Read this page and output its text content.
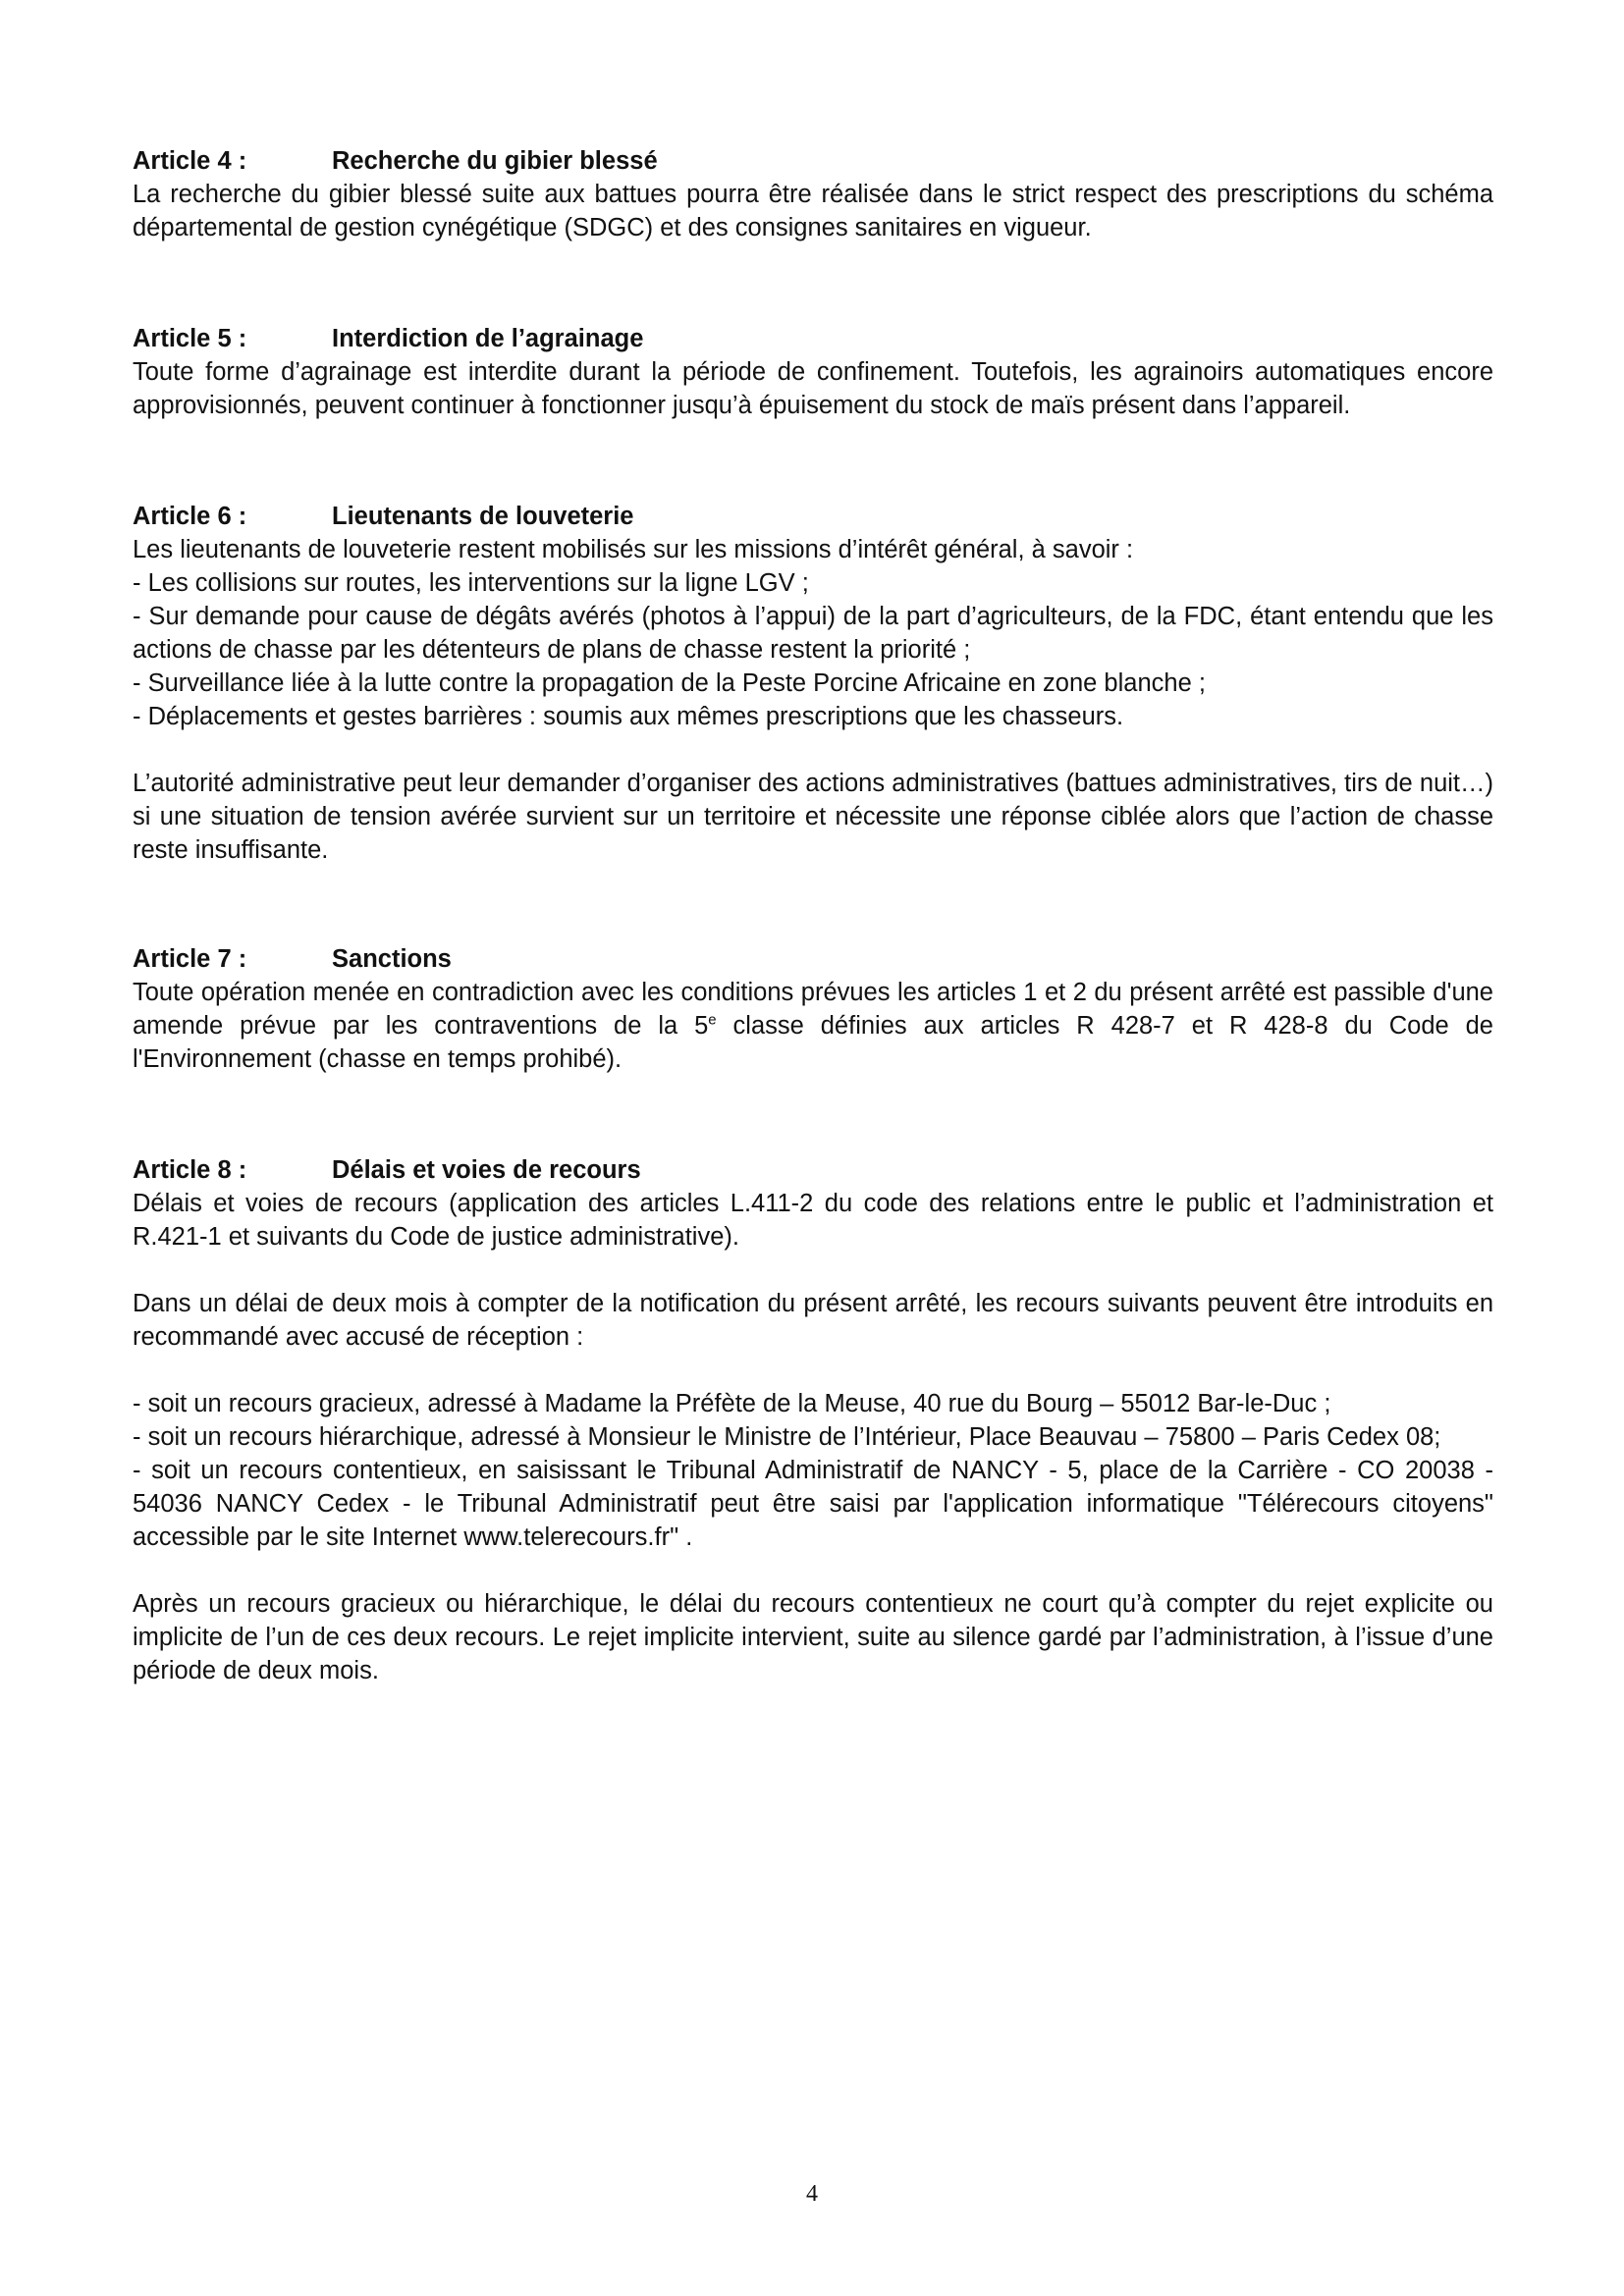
Article 4 :	Recherche du gibier blessé

La recherche du gibier blessé suite aux battues pourra être réalisée dans le strict respect des prescriptions du schéma départemental de gestion cynégétique (SDGC) et des consignes sanitaires en vigueur.

Article 5 :	Interdiction de l’agrainage

Toute forme d’agrainage est interdite durant la période de confinement. Toutefois, les agrainoirs automatiques encore approvisionnés, peuvent continuer à fonctionner jusqu’à épuisement du stock de maïs présent dans l’appareil.

Article 6 :	Lieutenants de louveterie

Les lieutenants de louveterie restent mobilisés sur les missions d’intérêt général, à savoir :

- Les collisions sur routes, les interventions sur la ligne LGV ;
- Sur demande pour cause de dégâts avérés (photos à l’appui) de la part d’agriculteurs, de la FDC, étant entendu que les actions de chasse par les détenteurs de plans de chasse restent la priorité ;
- Surveillance liée à la lutte contre la propagation de la Peste Porcine Africaine en zone blanche ;
- Déplacements et gestes barrières : soumis aux mêmes prescriptions que les chasseurs.

L’autorité administrative peut leur demander d’organiser des actions administratives (battues administratives, tirs de nuit…) si une situation de tension avérée survient sur un territoire et nécessite une réponse ciblée alors que l’action de chasse reste insuffisante.

Article 7 :	Sanctions

Toute opération menée en contradiction avec les conditions prévues les articles 1 et 2 du présent arrêté est passible d'une amende prévue par les contraventions de la 5e classe définies aux articles R 428-7 et R 428-8 du Code de l'Environnement (chasse en temps prohibé).

Article 8 :	Délais et voies de recours

Délais et voies de recours (application des articles L.411-2 du code des relations entre le public et l’administration et R.421-1 et suivants du Code de justice administrative).

Dans un délai de deux mois à compter de la notification du présent arrêté, les recours suivants peuvent être introduits en recommandé avec accusé de réception :

- soit un recours gracieux, adressé à Madame la Préfète de la Meuse, 40 rue du Bourg – 55012 Bar-le-Duc ;
- soit un recours hiérarchique, adressé à Monsieur le Ministre de l’Intérieur, Place Beauvau – 75800 – Paris Cedex 08;
- soit un recours contentieux, en saisissant le Tribunal Administratif de NANCY - 5, place de la Carrière - CO 20038 - 54036 NANCY Cedex - le Tribunal Administratif peut être saisi par l'application informatique "Télérecours citoyens" accessible par le site Internet www.telerecours.fr" .

Après un recours gracieux ou hiérarchique, le délai du recours contentieux ne court qu’à compter du rejet explicite ou implicite de l’un de ces deux recours. Le rejet implicite intervient, suite au silence gardé par l’administration, à l’issue d’une période de deux mois.

4
